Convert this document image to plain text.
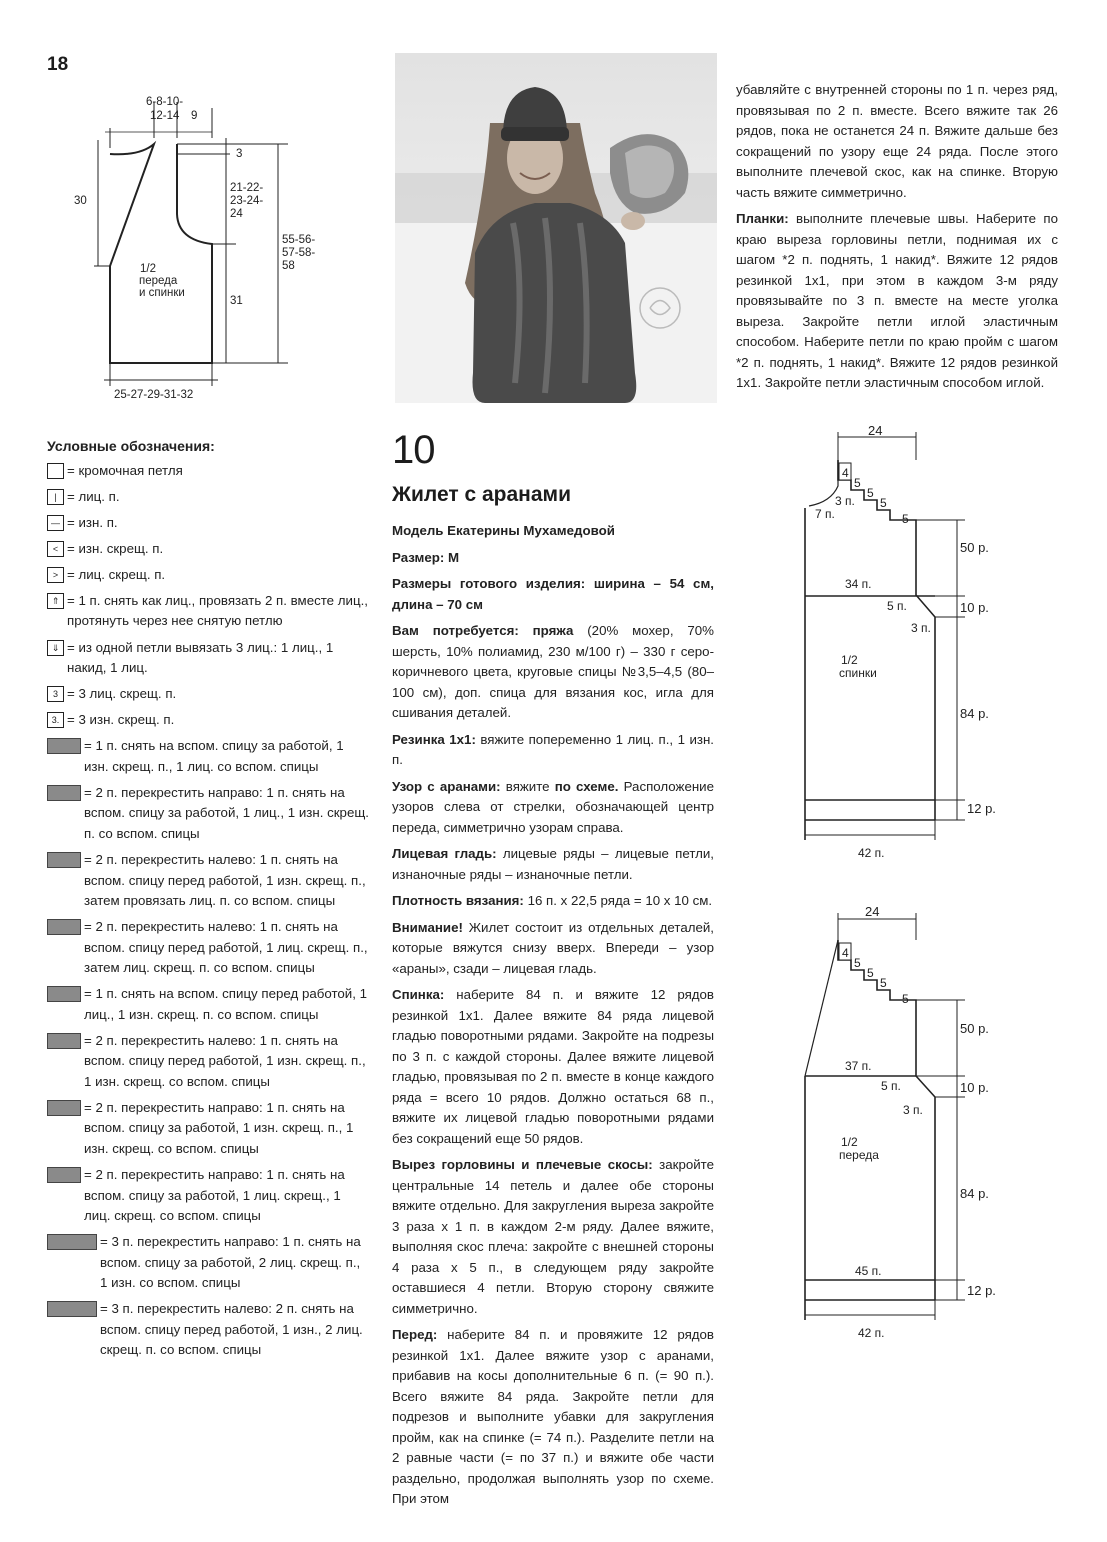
18
6-8-10-
12-14 9
3
30
21-22-
23-24-
24
55-56-
57-58-
58
31
1/2
переда
и спинки
25-27-29-31-32

убавляйте с внутренней стороны по 1 п. через ряд, провязывая по 2 п. вместе. Всего вяжите так 26 рядов, пока не останется 24 п. Вяжите дальше без сокращений по узору еще 24 ряда. После этого выполните плечевой скос, как на спинке. Вторую часть вяжите симметрично.

Планки: выполните плечевые швы. Наберите по краю выреза горловины петли, поднимая их с шагом *2 п. поднять, 1 накид*. Вяжите 12 рядов резинкой 1х1, при этом в каждом 3-м ряду провязывайте по 3 п. вместе на месте уголка выреза. Закройте петли иглой эластичным способом. Наберите петли по краю пройм с шагом *2 п. поднять, 1 накид*. Вяжите 12 рядов резинкой 1х1. Закройте петли эластичным способом иглой.

Условные обозначения:
= кромочная петля
| = лиц. п.
— = изн. п.
< = изн. скрещ. п.
> = лиц. скрещ. п.
⇑ = 1 п. снять как лиц., провязать 2 п. вместе лиц., протянуть через нее снятую петлю
⇓ = из одной петли вывязать 3 лиц.: 1 лиц., 1 накид, 1 лиц.
3 = 3 лиц. скрещ. п.
3. = 3 изн. скрещ. п.
= 1 п. снять на вспом. спицу за работой, 1 изн. скрещ. п., 1 лиц. со вспом. спицы
= 2 п. перекрестить направо: 1 п. снять на вспом. спицу за работой, 1 лиц., 1 изн. скрещ. п. со вспом. спицы
= 2 п. перекрестить налево: 1 п. снять на вспом. спицу перед работой, 1 изн. скрещ. п., затем провязать лиц. п. со вспом. спицы
= 2 п. перекрестить налево: 1 п. снять на вспом. спицу перед работой, 1 лиц. скрещ. п., затем лиц. скрещ. п. со вспом. спицы
= 1 п. снять на вспом. спицу перед работой, 1 лиц., 1 изн. скрещ. п. со вспом. спицы
= 2 п. перекрестить налево: 1 п. снять на вспом. спицу перед работой, 1 изн. скрещ. п., 1 изн. скрещ. со вспом. спицы
= 2 п. перекрестить направо: 1 п. снять на вспом. спицу за работой, 1 изн. скрещ. п., 1 изн. скрещ. со вспом. спицы
= 2 п. перекрестить направо: 1 п. снять на вспом. спицу за работой, 1 лиц. скрещ., 1 лиц. скрещ. со вспом. спицы
= 3 п. перекрестить направо: 1 п. снять на вспом. спицу за работой, 2 лиц. скрещ. п., 1 изн. со вспом. спицы
= 3 п. перекрестить налево: 2 п. снять на вспом. спицу перед работой, 1 изн., 2 лиц. скрещ. п. со вспом. спицы
10
Жилет с аранами

Модель Екатерины Мухамедовой

Размер: М

Размеры готового изделия: ширина – 54 см, длина – 70 см

Вам потребуется: пряжа (20% мохер, 70% шерсть, 10% полиамид, 230 м/100 г) – 330 г серо-коричневого цвета, круговые спицы №3,5–4,5 (80–100 см), доп. спица для вязания кос, игла для сшивания деталей.

Резинка 1х1: вяжите попеременно 1 лиц. п., 1 изн. п.

Узор с аранами: вяжите по схеме. Расположение узоров слева от стрелки, обозначающей центр переда, симметрично узорам справа.

Лицевая гладь: лицевые ряды – лицевые петли, изнаночные ряды – изнаночные петли.

Плотность вязания: 16 п. х 22,5 ряда = 10 х 10 см.

Внимание! Жилет состоит из отдельных деталей, которые вяжутся снизу вверх. Впереди – узор «араны», сзади – лицевая гладь.

Спинка: наберите 84 п. и вяжите 12 рядов резинкой 1х1. Далее вяжите 84 ряда лицевой гладью поворотными рядами. Закройте на подрезы по 3 п. с каждой стороны. Далее вяжите лицевой гладью, провязывая по 2 п. вместе в конце каждого ряда = всего 10 рядов. Должно остаться 68 п., вяжите их лицевой гладью поворотными рядами без сокращений еще 50 рядов.

Вырез горловины и плечевые скосы: закройте центральные 14 петель и далее обе стороны вяжите отдельно. Для закругления выреза закройте 3 раза х 1 п. в каждом 2-м ряду. Далее вяжите, выполняя скос плеча: закройте с внешней стороны 4 раза х 5 п., в следующем ряду закройте оставшиеся 4 петли. Вторую сторону свяжите симметрично.

Перед: наберите 84 п. и провяжите 12 рядов резинкой 1х1. Далее вяжите узор с аранами, прибавив на косы дополнительные 6 п. (= 90 п.). Всего вяжите 84 ряда. Закройте петли для подрезов и выполните убавки для закругления пройм, как на спинке (= 74 п.). Разделите петли на 2 равные части (= по 37 п.) и вяжите обе части раздельно, продолжая выполнять узор по схеме. При этом

24
4
5
5
5
5
3 п.
7 п.
50 р.
34 п.
5 п.	10 р.
3 п.
1/2
спинки
84 р.
12 р.
42 п.
24
4
5
5
5
5
50 р.
37 п.
5 п.	10 р.
3 п.
1/2
переда
84 р.
45 п.
12 р.
42 п.
